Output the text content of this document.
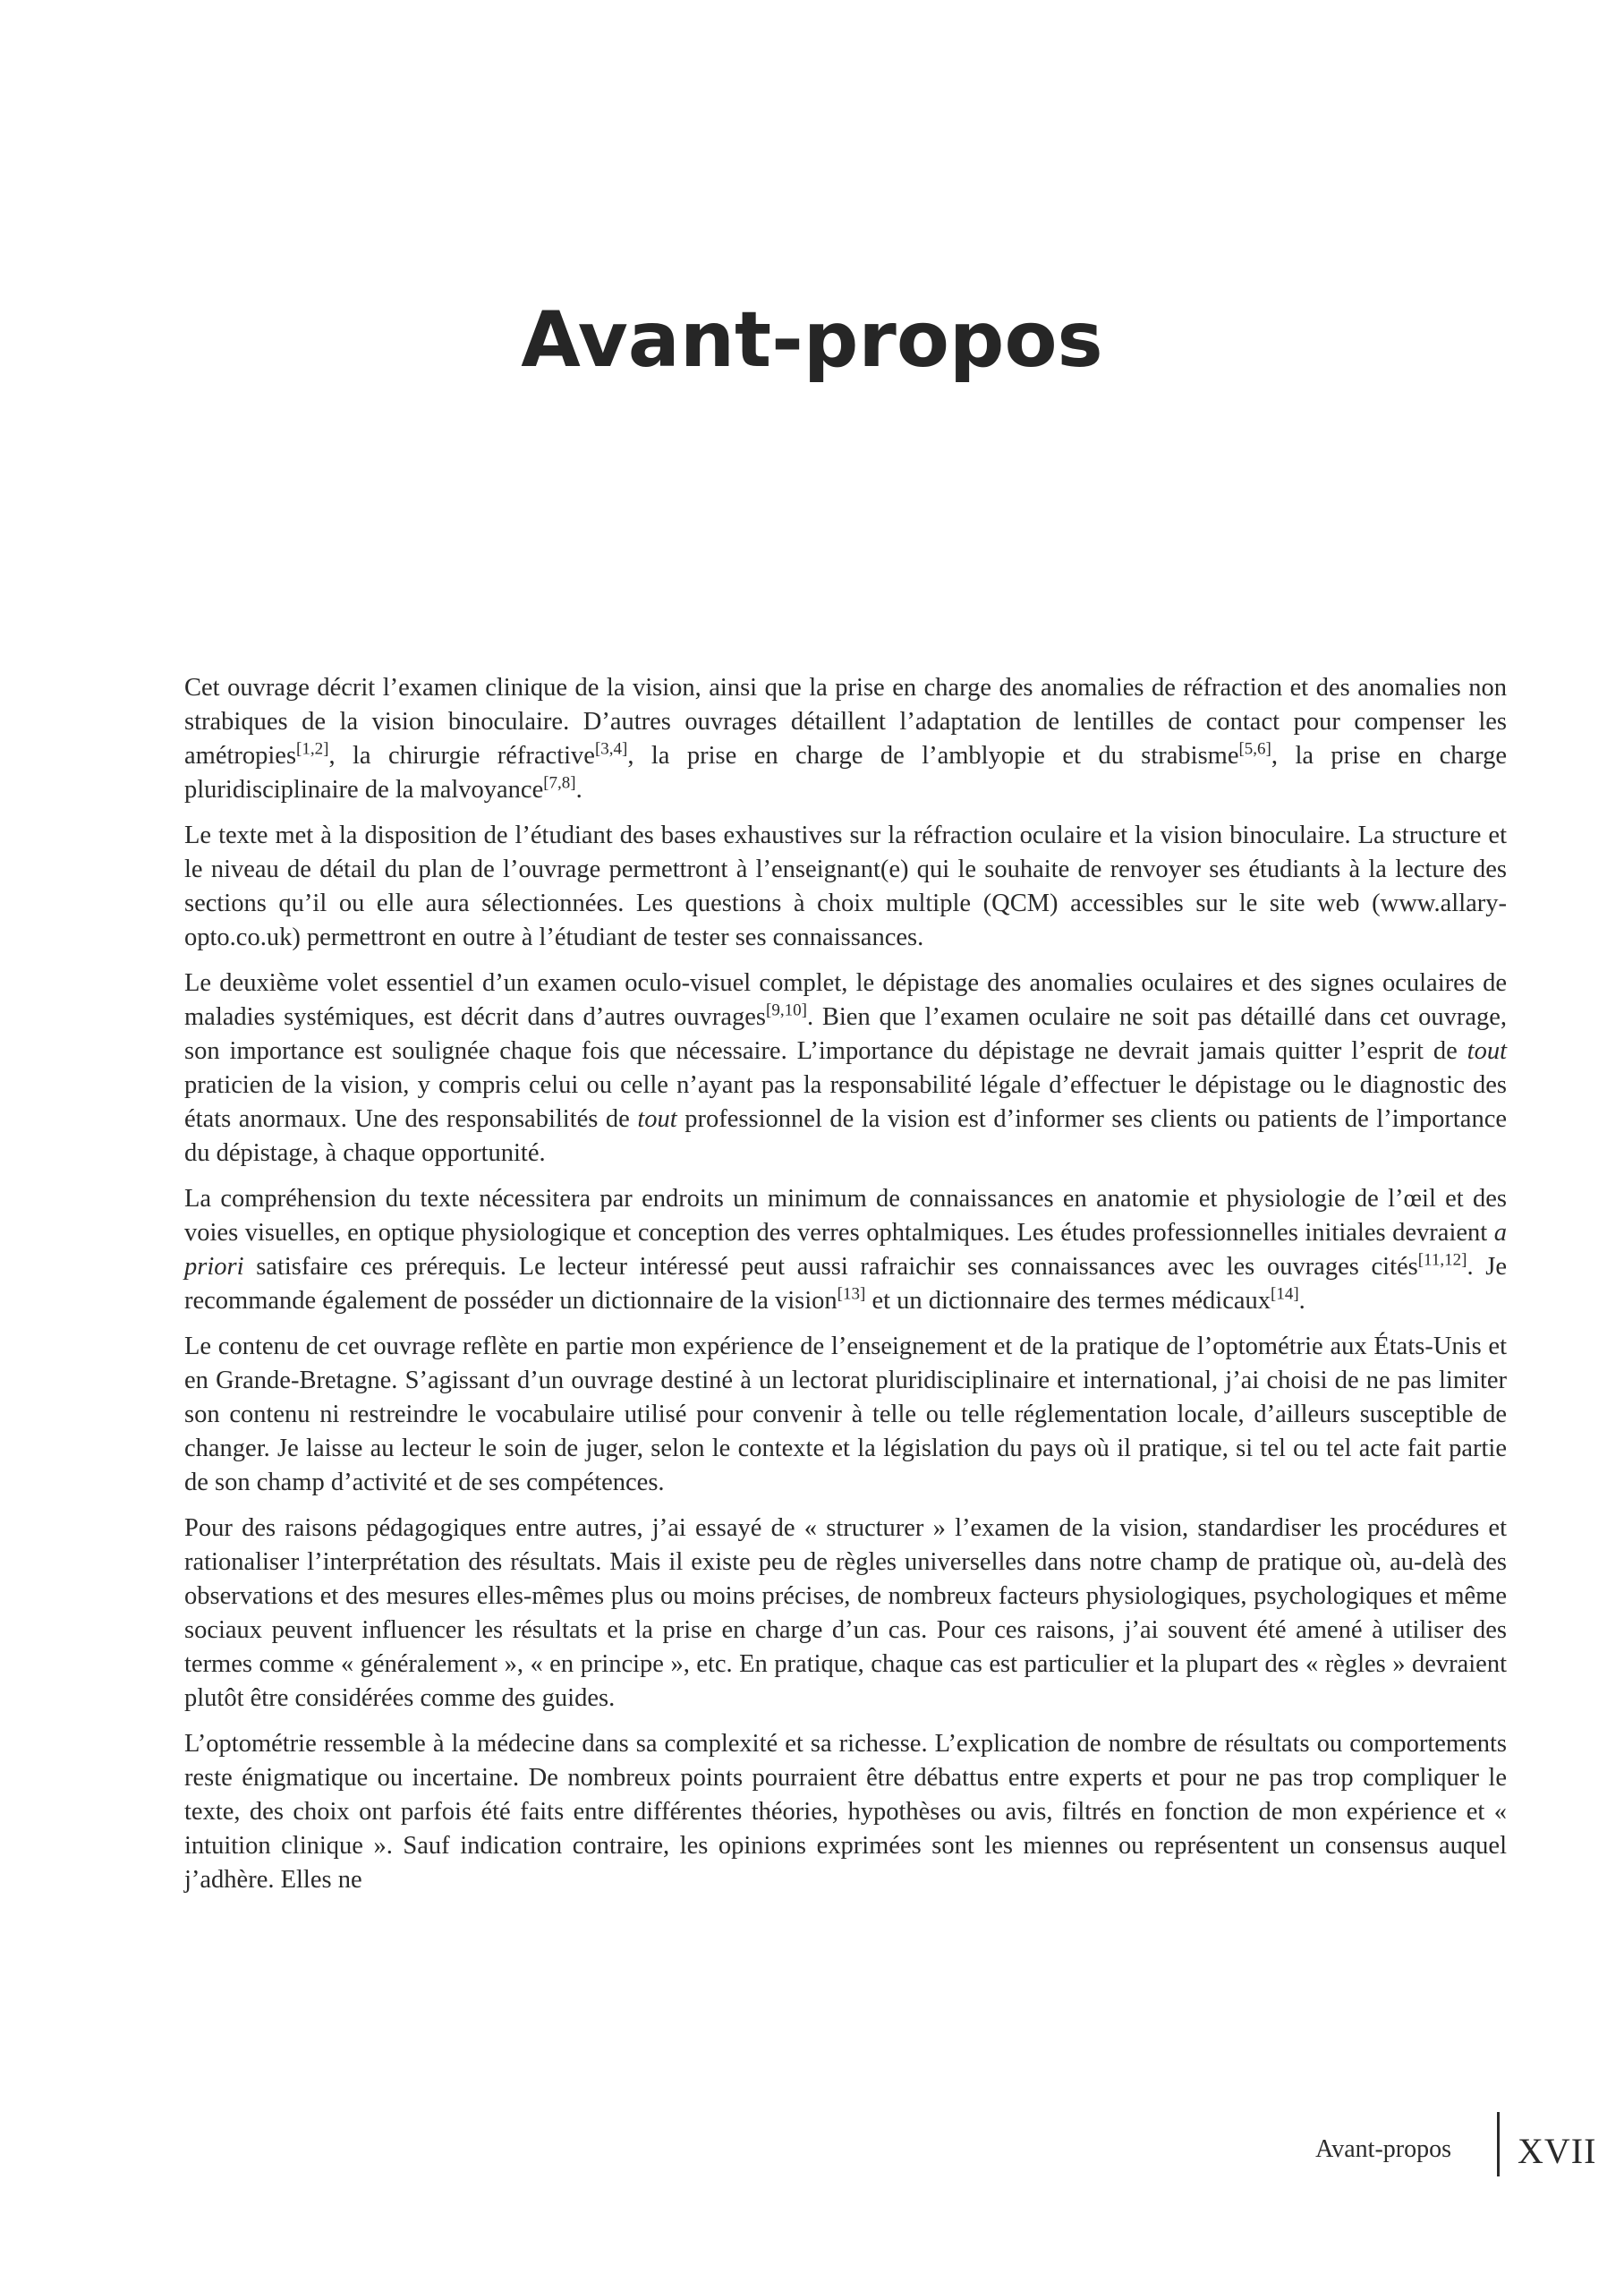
Avant-propos

Cet ouvrage décrit l’examen clinique de la vision, ainsi que la prise en charge des anomalies de réfraction et des anomalies non strabiques de la vision binoculaire. D’autres ouvrages détaillent l’adaptation de lentilles de contact pour compenser les amétropies[1,2], la chirurgie réfractive[3,4], la prise en charge de l’amblyopie et du strabisme[5,6], la prise en charge pluridisciplinaire de la malvoyance[7,8].

Le texte met à la disposition de l’étudiant des bases exhaustives sur la réfraction oculaire et la vision binoculaire. La structure et le niveau de détail du plan de l’ouvrage permettront à l’enseignant(e) qui le souhaite de renvoyer ses étudiants à la lecture des sections qu’il ou elle aura sélectionnées. Les questions à choix multiple (QCM) accessibles sur le site web (www.allary-opto.co.uk) permettront en outre à l’étudiant de tester ses connaissances.

Le deuxième volet essentiel d’un examen oculo-visuel complet, le dépistage des anomalies oculaires et des signes oculaires de maladies systémiques, est décrit dans d’autres ouvrages[9,10]. Bien que l’examen oculaire ne soit pas détaillé dans cet ouvrage, son importance est soulignée chaque fois que nécessaire. L’importance du dépistage ne devrait jamais quitter l’esprit de tout praticien de la vision, y compris celui ou celle n’ayant pas la responsabilité légale d’effectuer le dépistage ou le diagnostic des états anormaux. Une des responsabilités de tout professionnel de la vision est d’informer ses clients ou patients de l’importance du dépistage, à chaque opportunité.

La compréhension du texte nécessitera par endroits un minimum de connaissances en anatomie et physiologie de l’œil et des voies visuelles, en optique physiologique et conception des verres ophtalmiques. Les études professionnelles initiales devraient a priori satisfaire ces prérequis. Le lecteur intéressé peut aussi rafraichir ses connaissances avec les ouvrages cités[11,12]. Je recommande également de posséder un dictionnaire de la vision[13] et un dictionnaire des termes médicaux[14].

Le contenu de cet ouvrage reflète en partie mon expérience de l’enseignement et de la pratique de l’optométrie aux États-Unis et en Grande-Bretagne. S’agissant d’un ouvrage destiné à un lectorat pluridisciplinaire et international, j’ai choisi de ne pas limiter son contenu ni restreindre le vocabulaire utilisé pour convenir à telle ou telle réglementation locale, d’ailleurs susceptible de changer. Je laisse au lecteur le soin de juger, selon le contexte et la législation du pays où il pratique, si tel ou tel acte fait partie de son champ d’activité et de ses compétences.

Pour des raisons pédagogiques entre autres, j’ai essayé de « structurer » l’examen de la vision, standardiser les procédures et rationaliser l’interprétation des résultats. Mais il existe peu de règles universelles dans notre champ de pratique où, au-delà des observations et des mesures elles-mêmes plus ou moins précises, de nombreux facteurs physiologiques, psychologiques et même sociaux peuvent influencer les résultats et la prise en charge d’un cas. Pour ces raisons, j’ai souvent été amené à utiliser des termes comme « généralement », « en principe », etc. En pratique, chaque cas est particulier et la plupart des « règles » devraient plutôt être considérées comme des guides.

L’optométrie ressemble à la médecine dans sa complexité et sa richesse. L’explication de nombre de résultats ou comportements reste énigmatique ou incertaine. De nombreux points pourraient être débattus entre experts et pour ne pas trop compliquer le texte, des choix ont parfois été faits entre différentes théories, hypothèses ou avis, filtrés en fonction de mon expérience et « intuition clinique ». Sauf indication contraire, les opinions exprimées sont les miennes ou représentent un consensus auquel j’adhère. Elles ne

Avant-propos XVII
